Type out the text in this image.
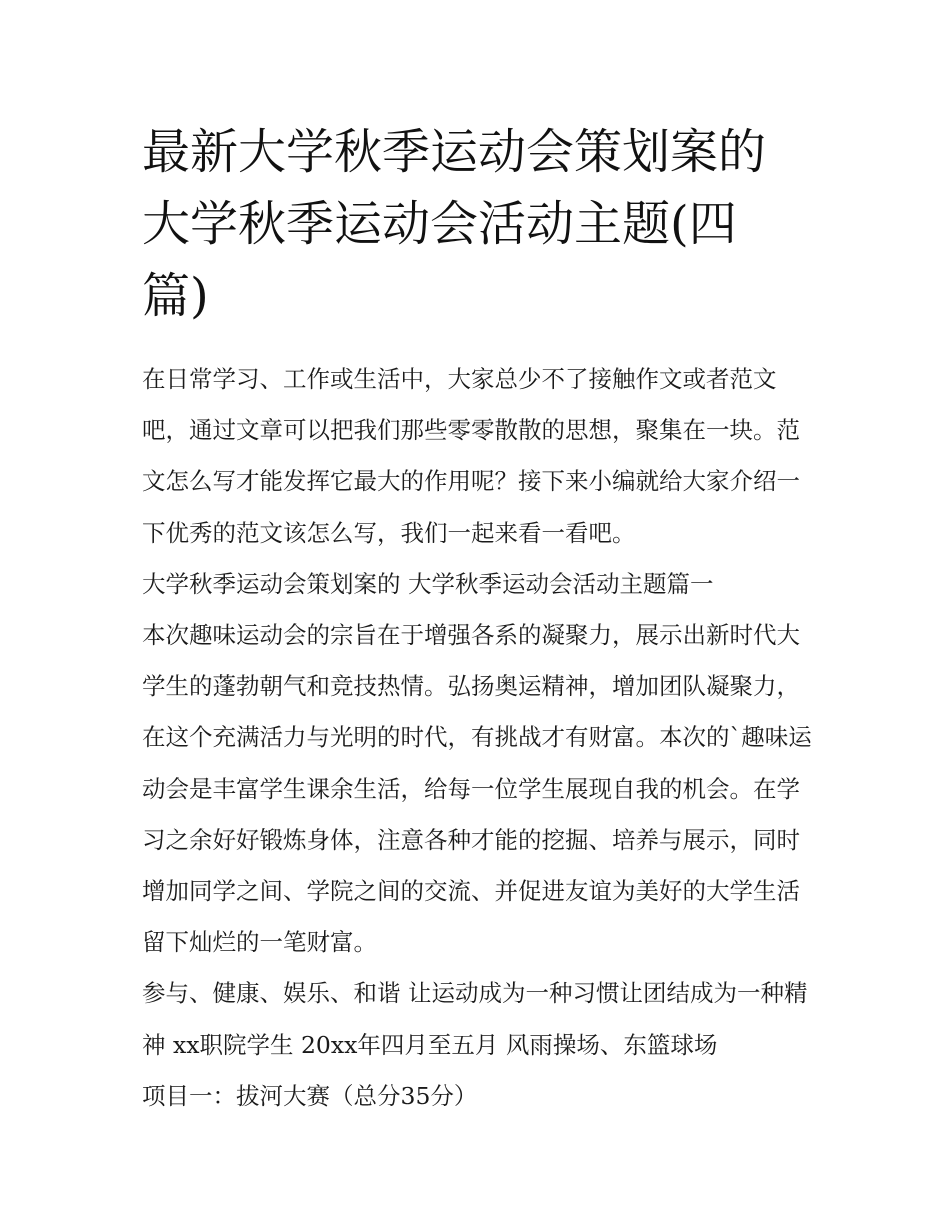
最新大学秋季运动会策划案的
大学秋季运动会活动主题(四
篇)

在日常学习、工作或生活中，大家总少不了接触作文或者范文吧，通过文章可以把我们那些零零散散的思想，聚集在一块。范文怎么写才能发挥它最大的作用呢？接下来小编就给大家介绍一下优秀的范文该怎么写，我们一起来看一看吧。

大学秋季运动会策划案的 大学秋季运动会活动主题篇一

本次趣味运动会的宗旨在于增强各系的凝聚力，展示出新时代大学生的蓬勃朝气和竞技热情。弘扬奥运精神，增加团队凝聚力，在这个充满活力与光明的时代，有挑战才有财富。本次的`趣味运动会是丰富学生课余生活，给每一位学生展现自我的机会。在学习之余好好锻炼身体，注意各种才能的挖掘、培养与展示，同时增加同学之间、学院之间的交流、并促进友谊为美好的大学生活留下灿烂的一笔财富。

参与、健康、娱乐、和谐 让运动成为一种习惯让团结成为一种精神 xx职院学生 20xx年四月至五月 风雨操场、东篮球场

项目一：拔河大赛（总分35分）
